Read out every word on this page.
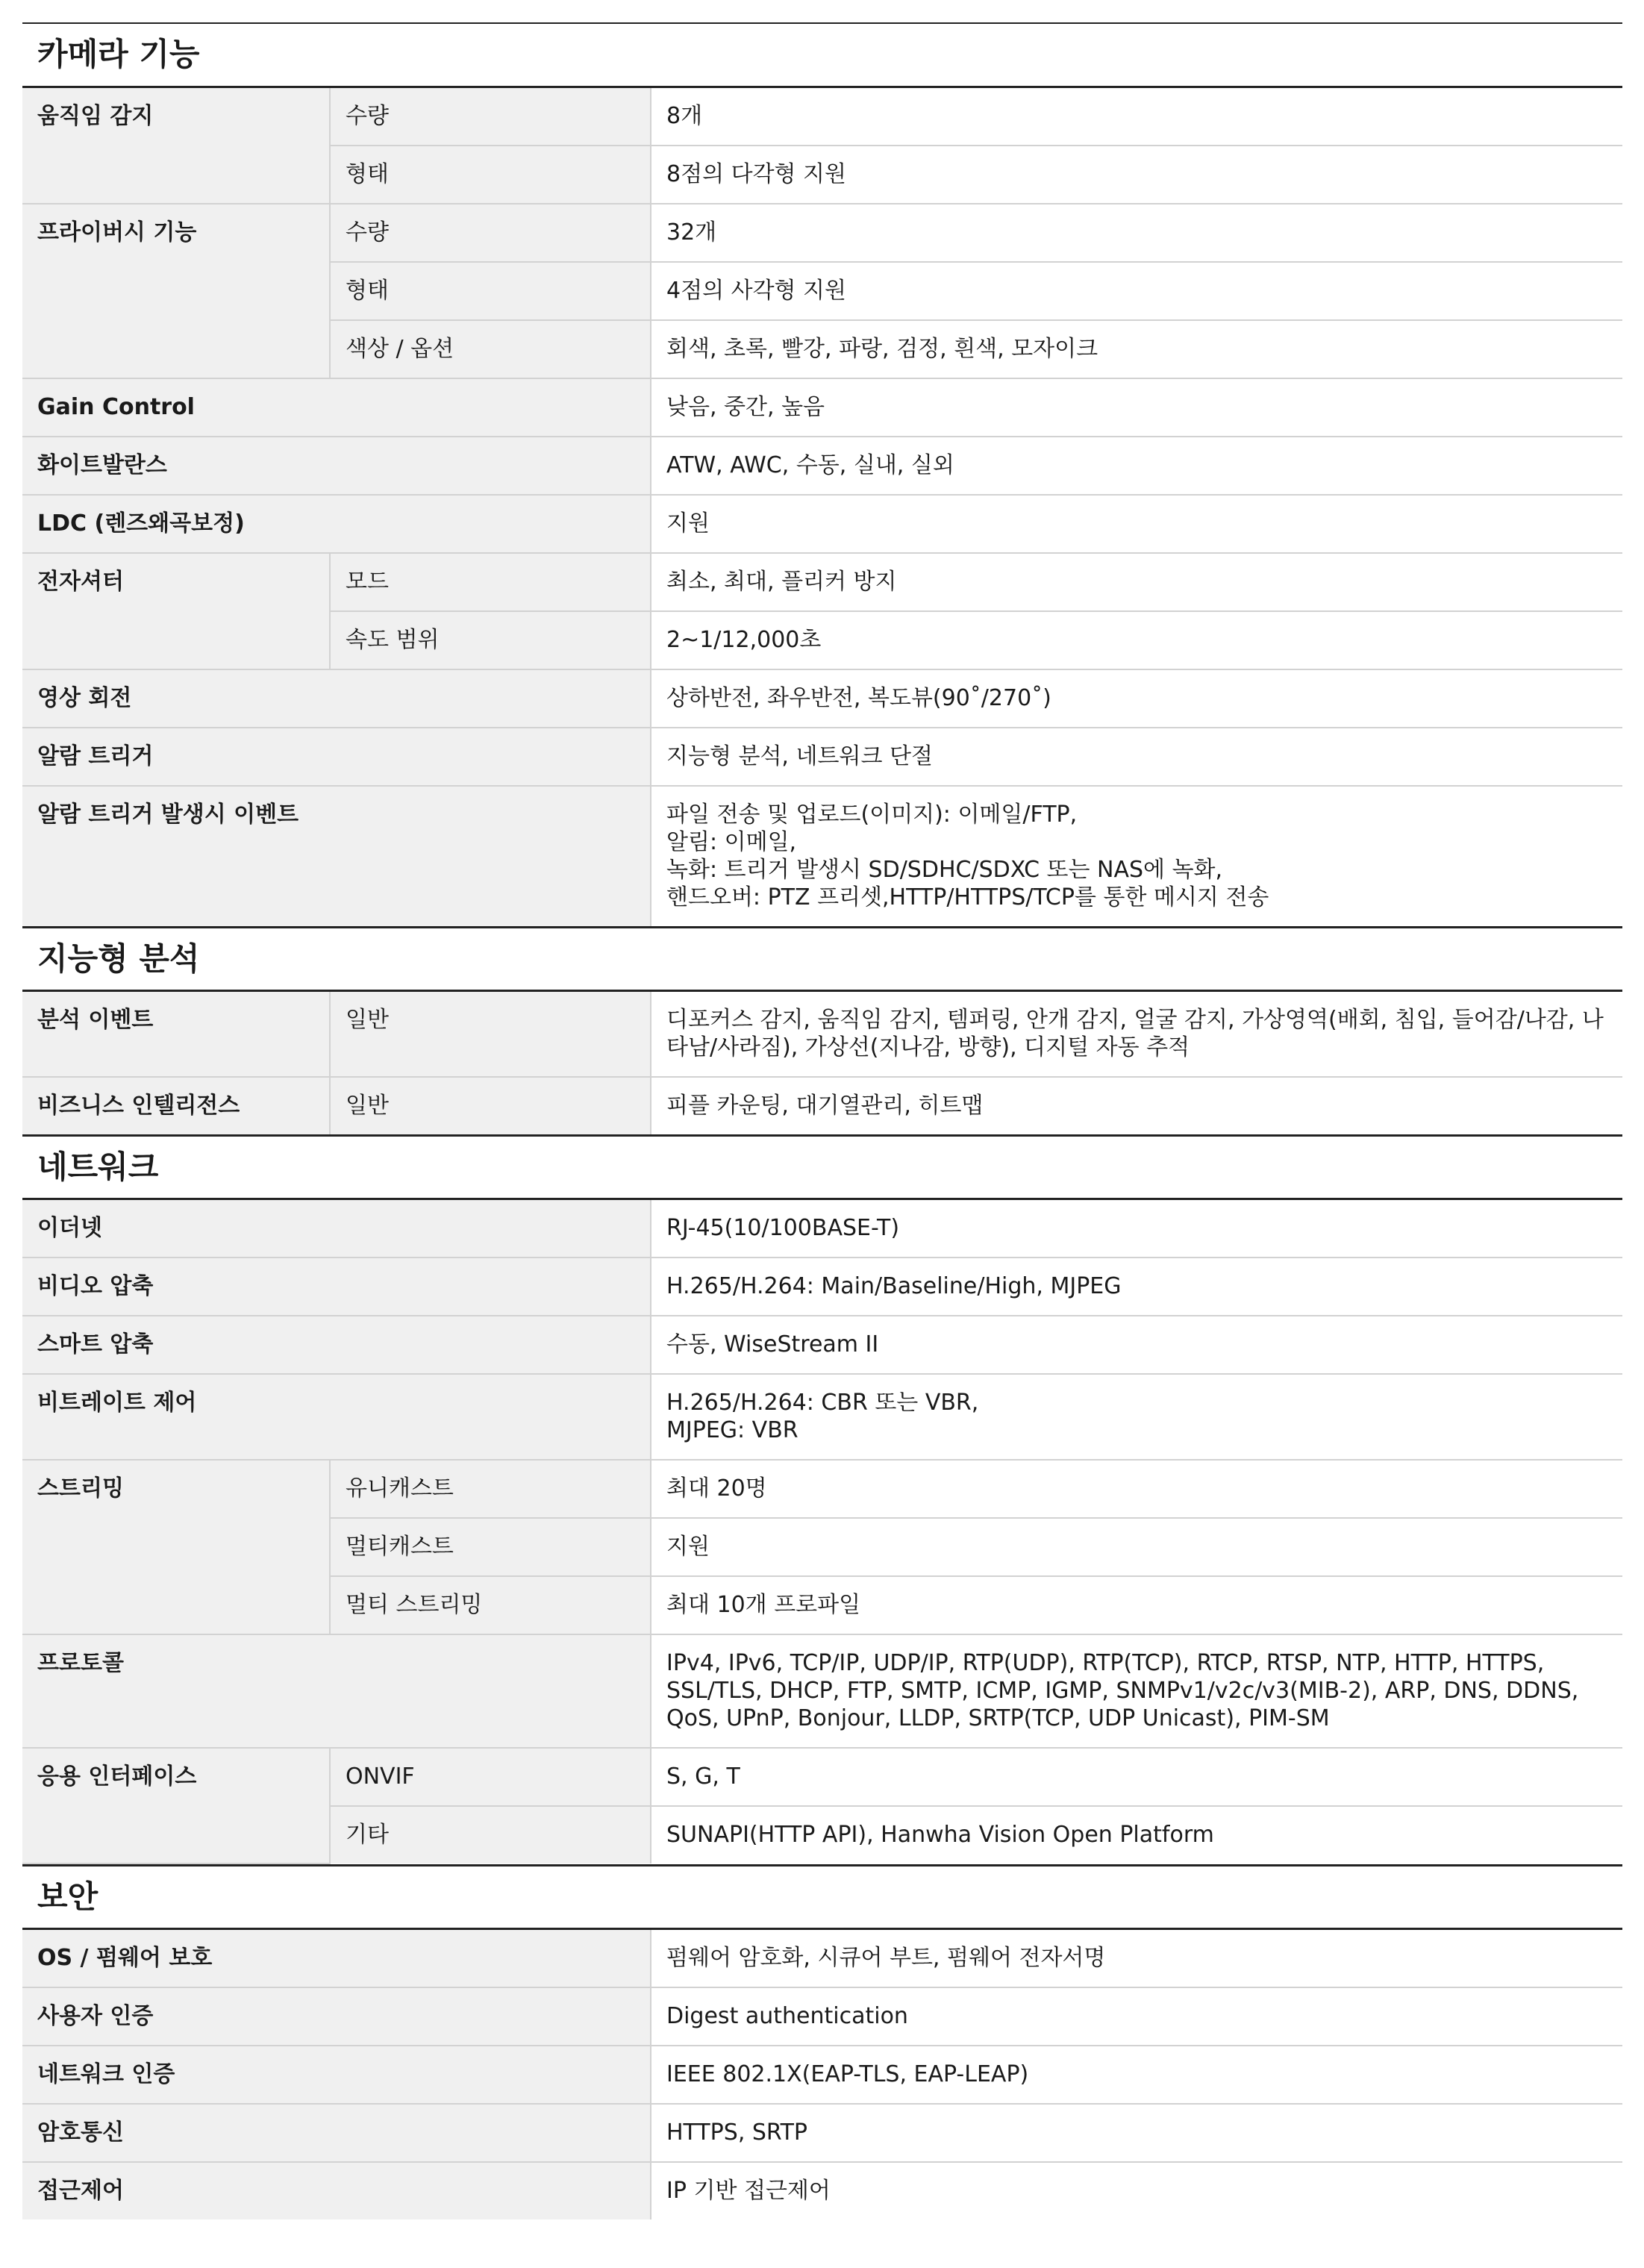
카메라 기능
움직임 감지	수량	8개
	형태	8점의 다각형 지원
프라이버시 기능	수량	32개
	형태	4점의 사각형 지원
	색상 / 옵션	회색, 초록, 빨강, 파랑, 검정, 흰색, 모자이크
Gain Control		낮음, 중간, 높음
화이트발란스		ATW, AWC, 수동, 실내, 실외
LDC (렌즈왜곡보정)		지원
전자셔터	모드	최소, 최대, 플리커 방지
	속도 범위	2~1/12,000초
영상 회전		상하반전, 좌우반전, 복도뷰(90˚/270˚)
알람 트리거		지능형 분석, 네트워크 단절
알람 트리거 발생시 이벤트		파일 전송 및 업로드(이미지): 이메일/FTP,
알림: 이메일,
녹화: 트리거 발생시 SD/SDHC/SDXC 또는 NAS에 녹화,
핸드오버: PTZ 프리셋,HTTP/HTTPS/TCP를 통한 메시지 전송
지능형 분석
분석 이벤트	일반	디포커스 감지, 움직임 감지, 템퍼링, 안개 감지, 얼굴 감지, 가상영역(배회, 침입, 들어감/나감, 나타남/사라짐), 가상선(지나감, 방향), 디지털 자동 추적
비즈니스 인텔리전스	일반	피플 카운팅, 대기열관리, 히트맵
네트워크
이더넷		RJ-45(10/100BASE-T)
비디오 압축		H.265/H.264: Main/Baseline/High, MJPEG
스마트 압축		수동, WiseStream II
비트레이트 제어		H.265/H.264: CBR 또는 VBR,
MJPEG: VBR
스트리밍	유니캐스트	최대 20명
	멀티캐스트	지원
	멀티 스트리밍	최대 10개 프로파일
프로토콜		IPv4, IPv6, TCP/IP, UDP/IP, RTP(UDP), RTP(TCP), RTCP, RTSP, NTP, HTTP, HTTPS,
SSL/TLS, DHCP, FTP, SMTP, ICMP, IGMP, SNMPv1/v2c/v3(MIB-2), ARP, DNS, DDNS,
QoS, UPnP, Bonjour, LLDP, SRTP(TCP, UDP Unicast), PIM-SM
응용 인터페이스	ONVIF	S, G, T
	기타	SUNAPI(HTTP API), Hanwha Vision Open Platform
보안
OS / 펌웨어 보호	펌웨어 암호화, 시큐어 부트, 펌웨어 전자서명
사용자 인증	Digest authentication
네트워크 인증	IEEE 802.1X(EAP-TLS, EAP-LEAP)
암호통신	HTTPS, SRTP
접근제어	IP 기반 접근제어
